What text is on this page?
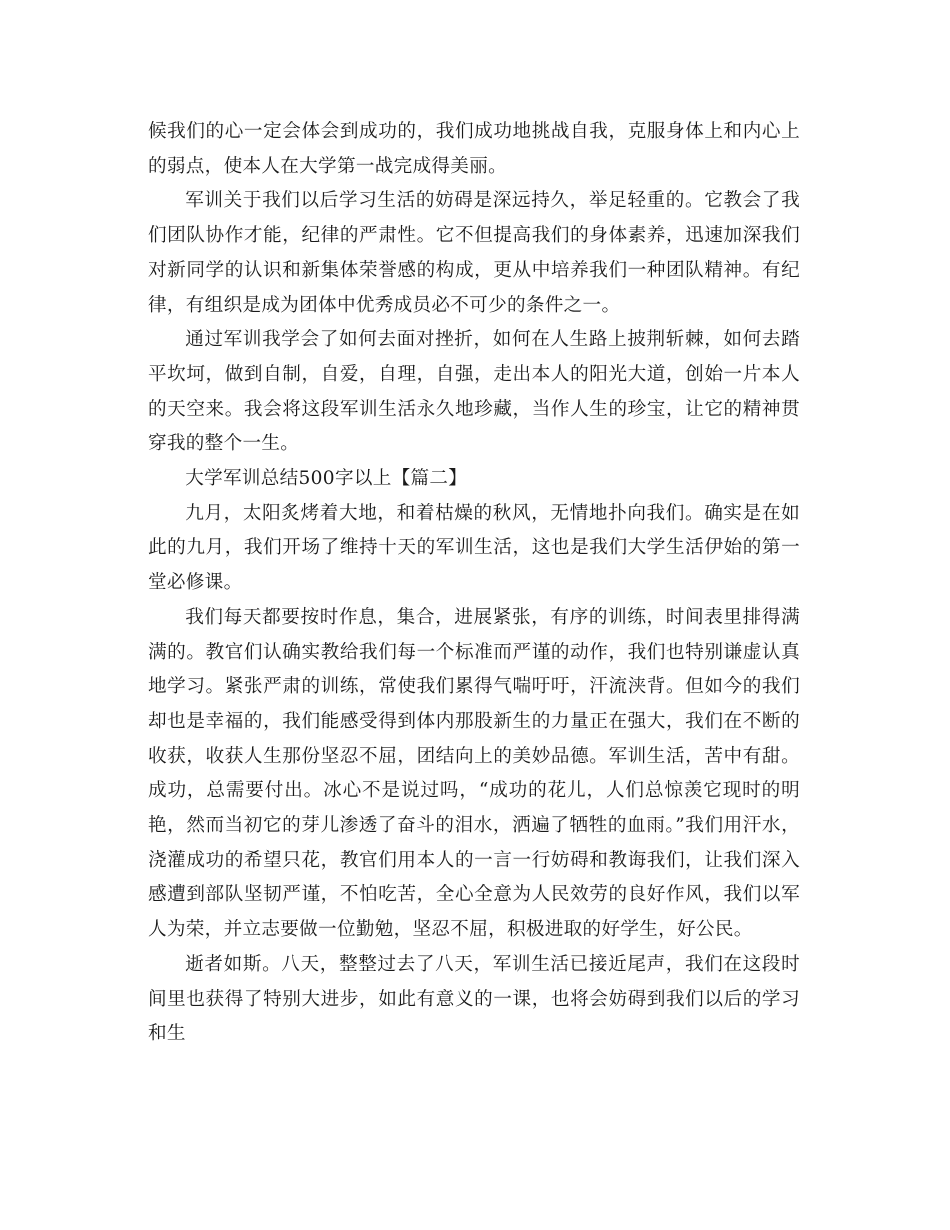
候我们的心一定会体会到成功的，我们成功地挑战自我，克服身体上和内心上的弱点，使本人在大学第一战完成得美丽。

军训关于我们以后学习生活的妨碍是深远持久，举足轻重的。它教会了我们团队协作才能，纪律的严肃性。它不但提高我们的身体素养，迅速加深我们对新同学的认识和新集体荣誉感的构成，更从中培养我们一种团队精神。有纪律，有组织是成为团体中优秀成员必不可少的条件之一。

通过军训我学会了如何去面对挫折，如何在人生路上披荆斩棘，如何去踏平坎坷，做到自制，自爱，自理，自强，走出本人的阳光大道，创始一片本人的天空来。我会将这段军训生活永久地珍藏，当作人生的珍宝，让它的精神贯穿我的整个一生。

大学军训总结500字以上【篇二】

九月，太阳炙烤着大地，和着枯燥的秋风，无情地扑向我们。确实是在如此的九月，我们开场了维持十天的军训生活，这也是我们大学生活伊始的第一堂必修课。

我们每天都要按时作息，集合，进展紧张，有序的训练，时间表里排得满满的。教官们认确实教给我们每一个标准而严谨的动作，我们也特别谦虚认真地学习。紧张严肃的训练，常使我们累得气喘吁吁，汗流浃背。但如今的我们却也是幸福的，我们能感受得到体内那股新生的力量正在强大，我们在不断的收获，收获人生那份坚忍不屈，团结向上的美妙品德。军训生活，苦中有甜。成功，总需要付出。冰心不是说过吗，“成功的花儿，人们总惊羡它现时的明艳，然而当初它的芽儿渗透了奋斗的泪水，洒遍了牺牲的血雨。”我们用汗水，浇灌成功的希望只花，教官们用本人的一言一行妨碍和教诲我们，让我们深入感遭到部队坚韧严谨，不怕吃苦，全心全意为人民效劳的良好作风，我们以军人为荣，并立志要做一位勤勉，坚忍不屈，积极进取的好学生，好公民。

逝者如斯。八天，整整过去了八天，军训生活已接近尾声，我们在这段时间里也获得了特别大进步，如此有意义的一课，也将会妨碍到我们以后的学习和生
